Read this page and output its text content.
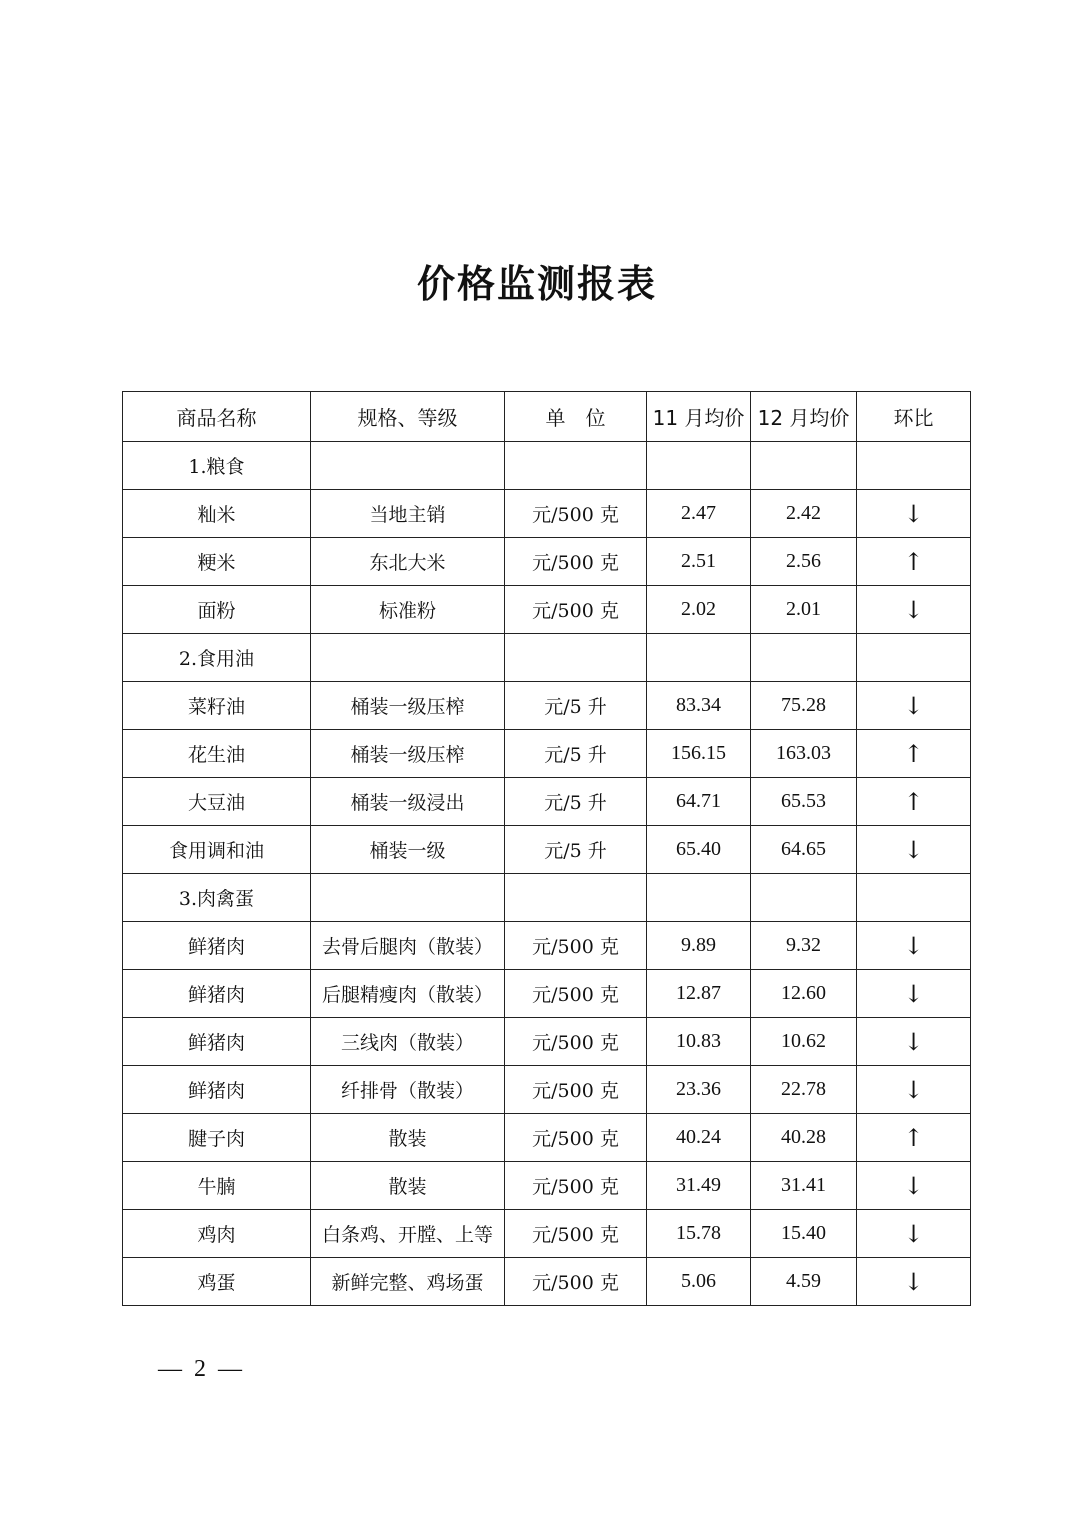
价格监测报表
商品名称	规格、等级	单　位	11 月均价	12 月均价	环比
1.粮食					
籼米	当地主销	元/500 克	2.47	2.42	↓
粳米	东北大米	元/500 克	2.51	2.56	↑
面粉	标准粉	元/500 克	2.02	2.01	↓
2.食用油					
菜籽油	桶装一级压榨	元/5 升	83.34	75.28	↓
花生油	桶装一级压榨	元/5 升	156.15	163.03	↑
大豆油	桶装一级浸出	元/5 升	64.71	65.53	↑
食用调和油	桶装一级	元/5 升	65.40	64.65	↓
3.肉禽蛋					
鲜猪肉	去骨后腿肉（散装）	元/500 克	9.89	9.32	↓
鲜猪肉	后腿精瘦肉（散装）	元/500 克	12.87	12.60	↓
鲜猪肉	三线肉（散装）	元/500 克	10.83	10.62	↓
鲜猪肉	纤排骨（散装）	元/500 克	23.36	22.78	↓
腱子肉	散装	元/500 克	40.24	40.28	↑
牛腩	散装	元/500 克	31.49	31.41	↓
鸡肉	白条鸡、开膛、上等	元/500 克	15.78	15.40	↓
鸡蛋	新鲜完整、鸡场蛋	元/500 克	5.06	4.59	↓
— 2 —
